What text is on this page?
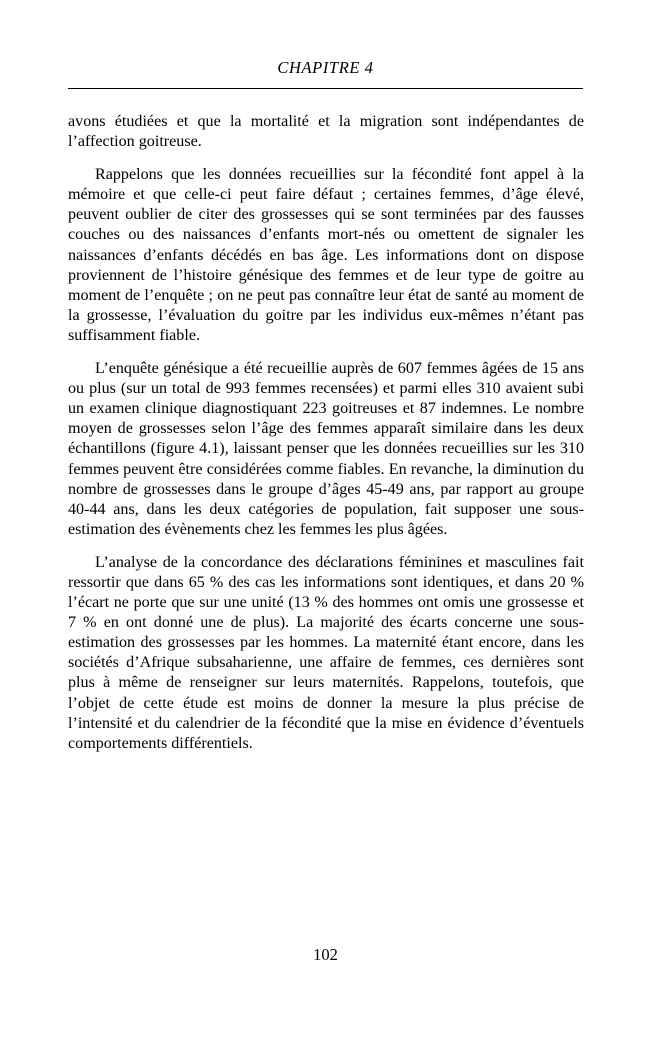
CHAPITRE 4

avons étudiées et que la mortalité et la migration sont indépendantes de l’affection goitreuse.

Rappelons que les données recueillies sur la fécondité font appel à la mémoire et que celle-ci peut faire défaut ; certaines femmes, d’âge élevé, peuvent oublier de citer des grossesses qui se sont terminées par des fausses couches ou des naissances d’enfants mort-nés ou omettent de signaler les naissances d’enfants décédés en bas âge. Les informations dont on dispose proviennent de l’histoire génésique des femmes et de leur type de goitre au moment de l’enquête ; on ne peut pas connaître leur état de santé au moment de la grossesse, l’évaluation du goitre par les individus eux-mêmes n’étant pas suffisamment fiable.

L’enquête génésique a été recueillie auprès de 607 femmes âgées de 15 ans ou plus (sur un total de 993 femmes recensées) et parmi elles 310 avaient subi un examen clinique diagnostiquant 223 goitreuses et 87 indemnes. Le nombre moyen de grossesses selon l’âge des femmes apparaît similaire dans les deux échantillons (figure 4.1), laissant penser que les données recueillies sur les 310 femmes peuvent être considérées comme fiables. En revanche, la diminution du nombre de grossesses dans le groupe d’âges 45-49 ans, par rapport au groupe 40-44 ans, dans les deux catégories de population, fait supposer une sous-estimation des évènements chez les femmes les plus âgées.

L’analyse de la concordance des déclarations féminines et masculines fait ressortir que dans 65 % des cas les informations sont identiques, et dans 20 % l’écart ne porte que sur une unité (13 % des hommes ont omis une grossesse et 7 % en ont donné une de plus). La majorité des écarts concerne une sous-estimation des grossesses par les hommes. La maternité étant encore, dans les sociétés d’Afrique subsaharienne, une affaire de femmes, ces dernières sont plus à même de renseigner sur leurs maternités. Rappelons, toutefois, que l’objet de cette étude est moins de donner la mesure la plus précise de l’intensité et du calendrier de la fécondité que la mise en évidence d’éventuels comportements différentiels.

102
